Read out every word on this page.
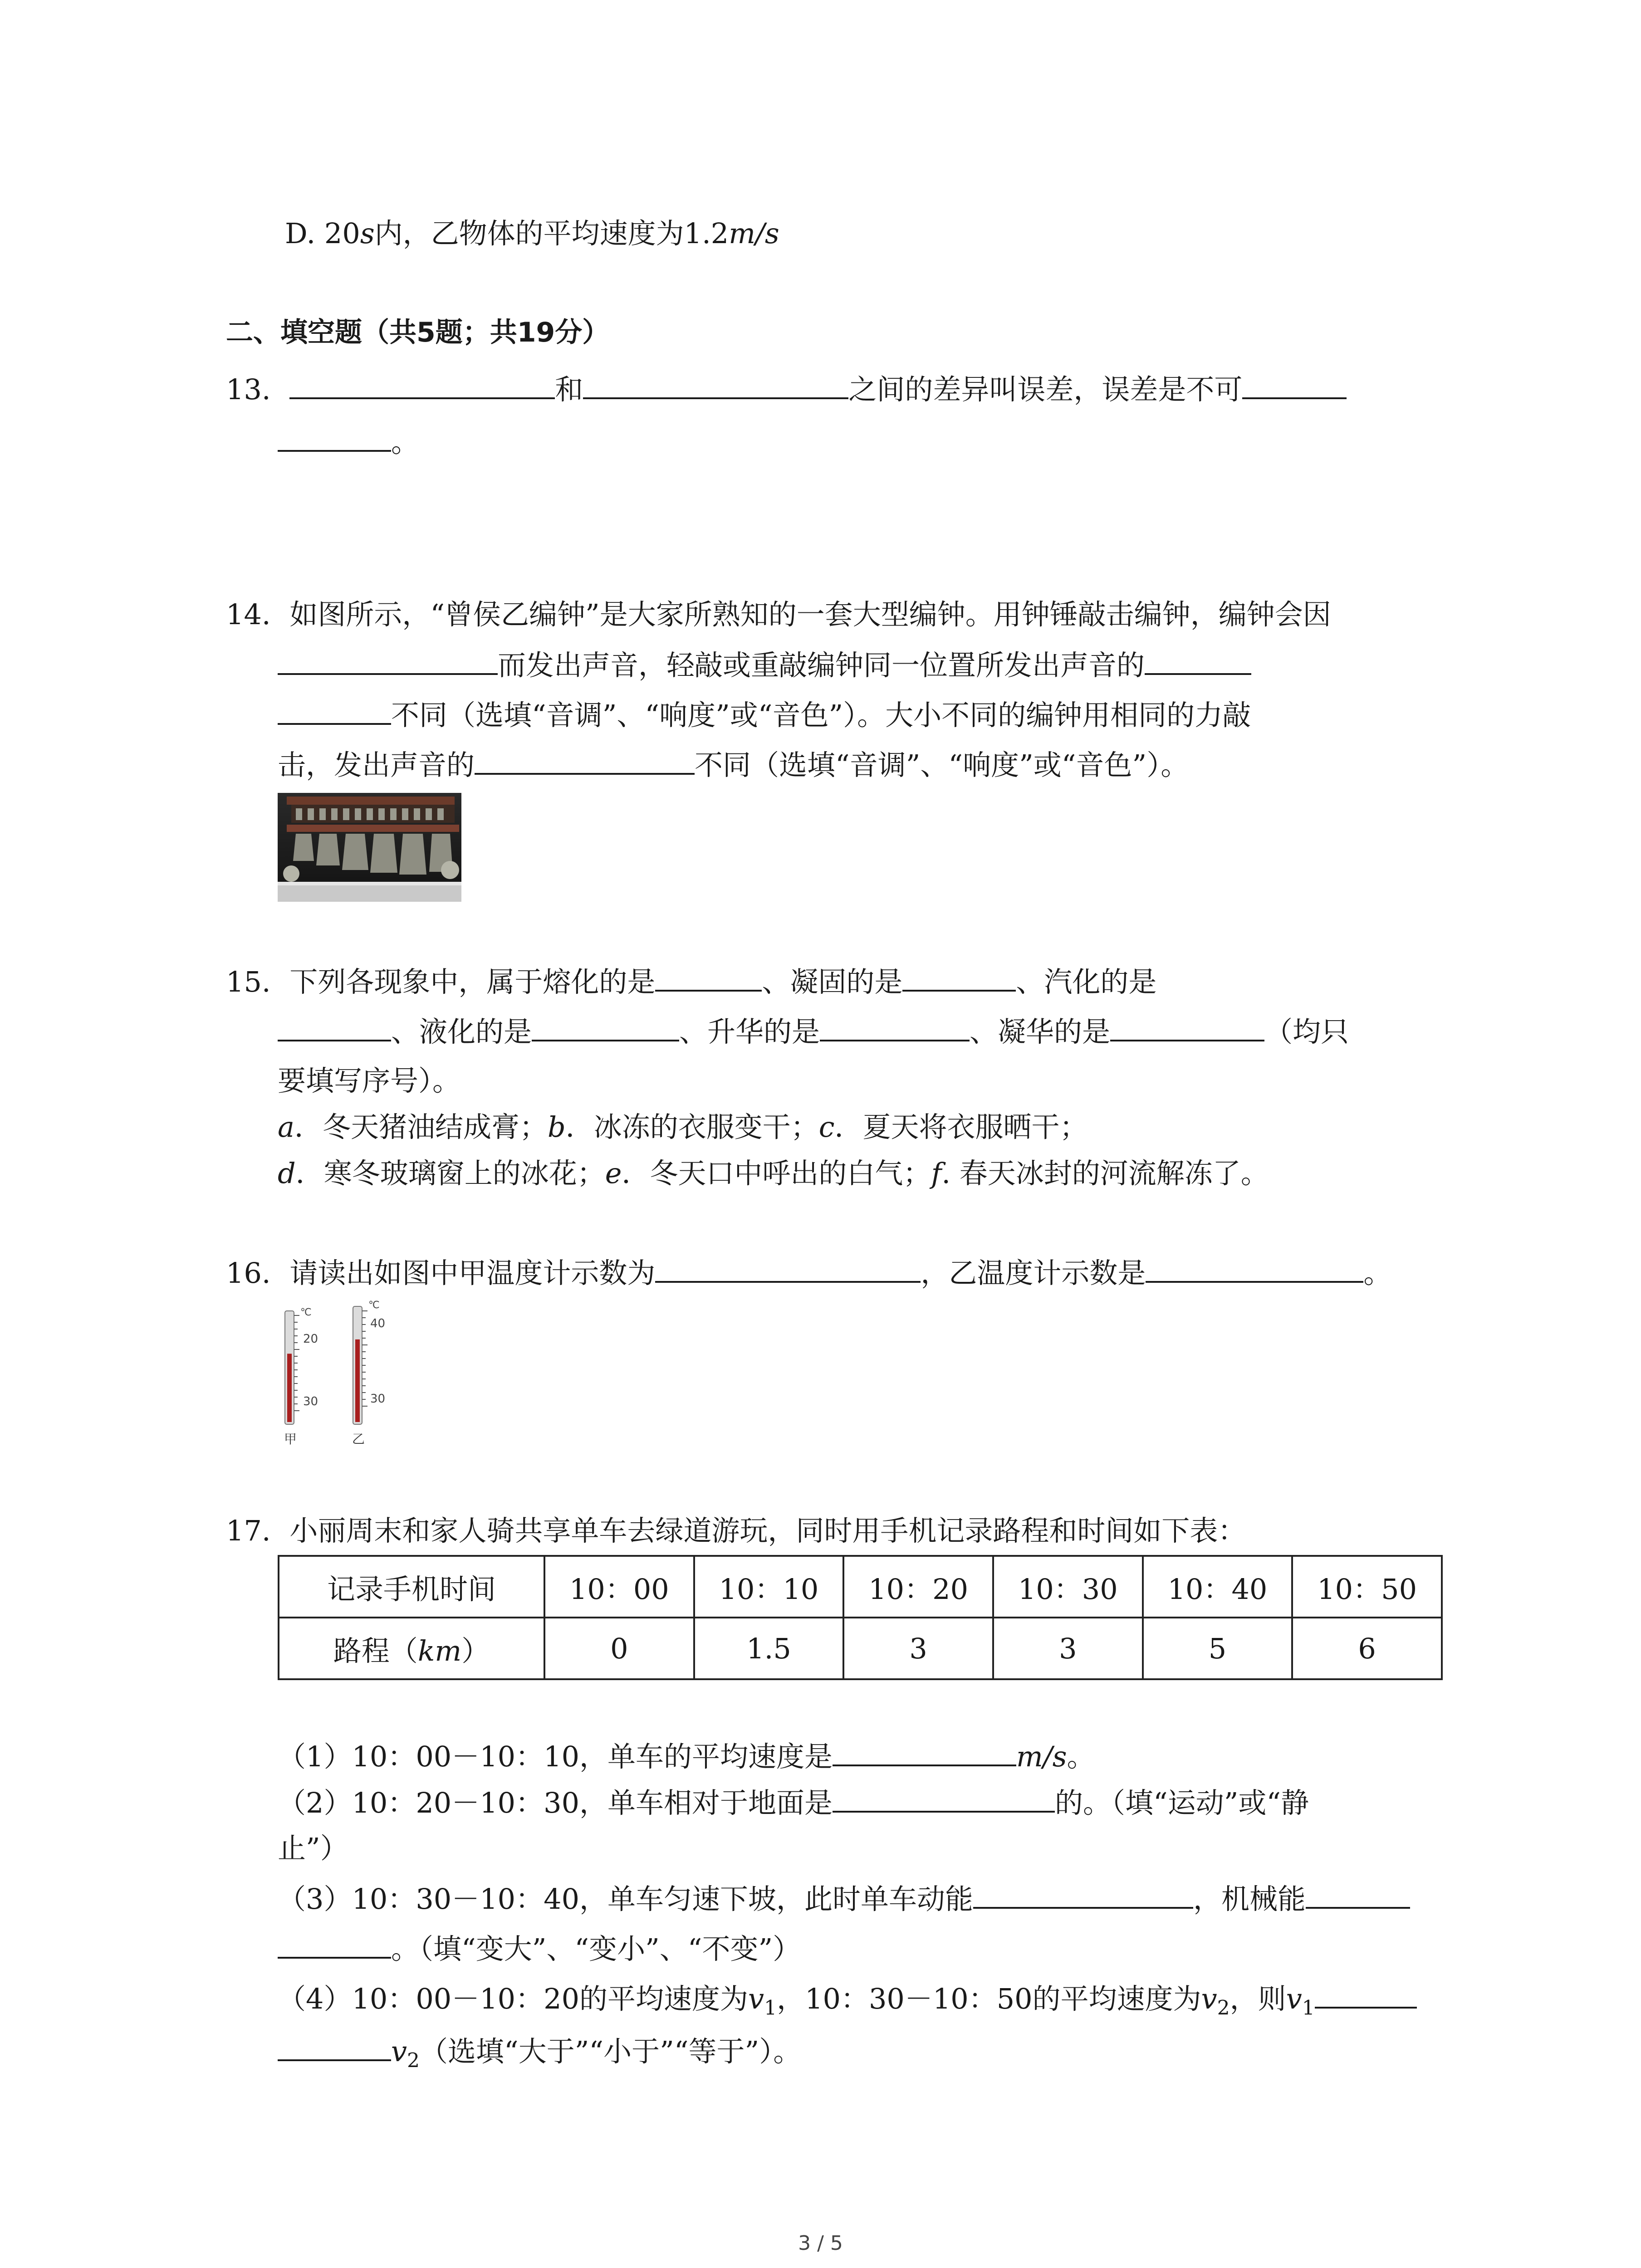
D. 20s内，乙物体的平均速度为1.2m/s
二、填空题（共5题；共19分）
13.	和	之间的差异叫误差，误差是不可
。
14. 如图所示，“曾侯乙编钟”是大家所熟知的一套大型编钟。用钟锤敲击编钟，编钟会因
而发出声音，轻敲或重敲编钟同一位置所发出声音的
不同（选填“音调”、“响度”或“音色”）。大小不同的编钟用相同的力敲
击，发出声音的	不同（选填“音调”、“响度”或“音色”）。
15. 下列各现象中，属于熔化的是	、凝固的是	、汽化的是
、液化的是	、升华的是	、凝华的是	（均只
要填写序号）。
a．冬天猪油结成膏；b．冰冻的衣服变干；c．夏天将衣服晒干；
d．寒冬玻璃窗上的冰花；e．冬天口中呼出的白气；f. 春天冰封的河流解冻了。
16. 请读出如图中甲温度计示数为	，乙温度计示数是	。
℃
20
30
甲
℃
40
30
乙
17. 小丽周末和家人骑共享单车去绿道游玩，同时用手机记录路程和时间如下表：
记录手机时间	10：00	10：10	10：20	10：30	10：40	10：50
路程（km）	0	1.5	3	3	5	6
（1）10：00－10：10，单车的平均速度是	m/s。
（2）10：20－10：30，单车相对于地面是	的。（填“运动”或“静
止”）
（3）10：30－10：40，单车匀速下坡，此时单车动能	，机械能
。（填“变大”、“变小”、“不变”）
（4）10：00－10：20的平均速度为$v_1$，10：30－10：50的平均速度为$v_2$，则$v_1$
$v_2$（选填“大于”“小于”“等于”）。
3 / 5
